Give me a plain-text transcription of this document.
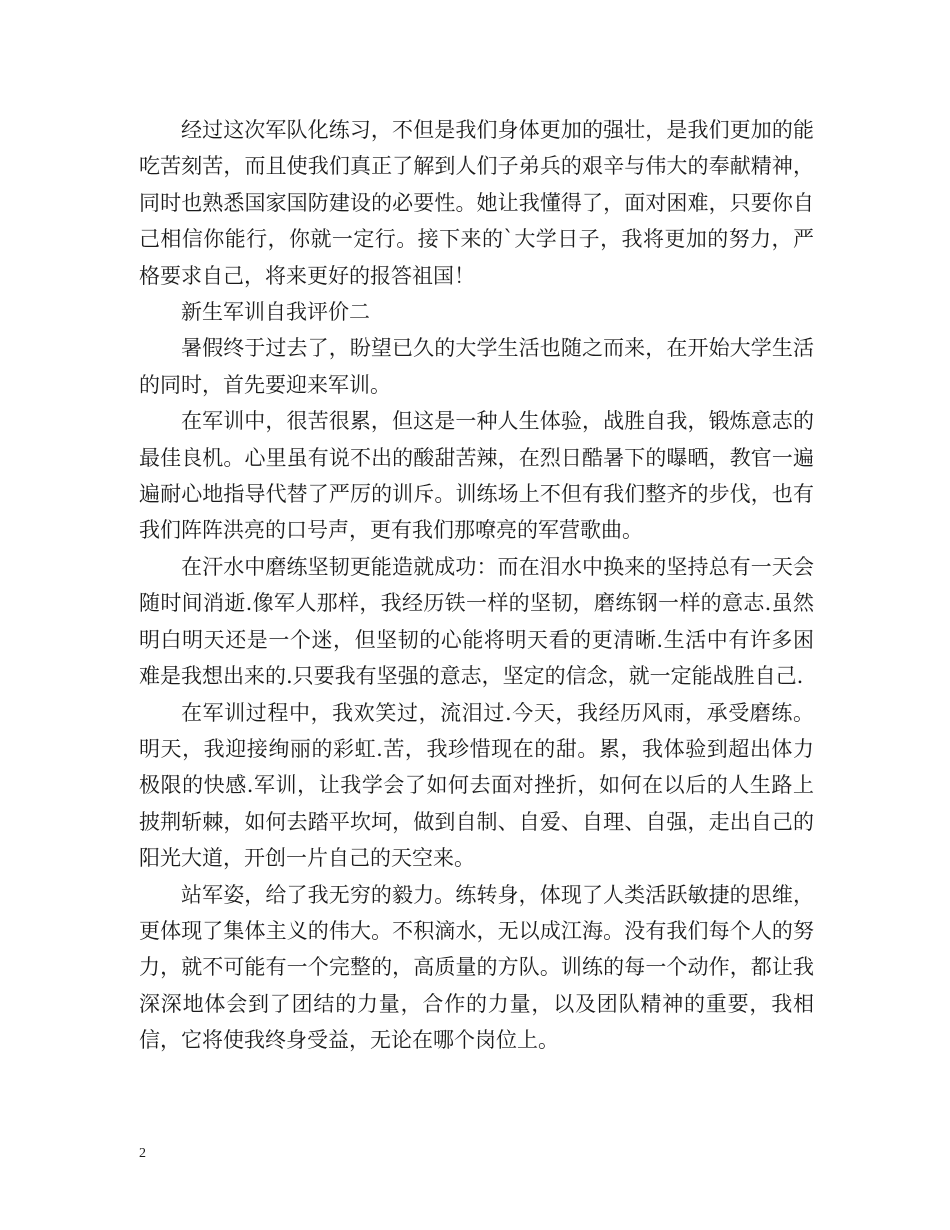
经过这次军队化练习，不但是我们身体更加的强壮，是我们更加的能吃苦刻苦，而且使我们真正了解到人们子弟兵的艰辛与伟大的奉献精神，同时也熟悉国家国防建设的必要性。她让我懂得了，面对困难，只要你自己相信你能行，你就一定行。接下来的`大学日子，我将更加的努力，严格要求自己，将来更好的报答祖国！

新生军训自我评价二

暑假终于过去了，盼望已久的大学生活也随之而来，在开始大学生活的同时，首先要迎来军训。

在军训中，很苦很累，但这是一种人生体验，战胜自我，锻炼意志的最佳良机。心里虽有说不出的酸甜苦辣，在烈日酷暑下的曝晒，教官一遍遍耐心地指导代替了严厉的训斥。训练场上不但有我们整齐的步伐，也有我们阵阵洪亮的口号声，更有我们那嘹亮的军营歌曲。

在汗水中磨练坚韧更能造就成功：而在泪水中换来的坚持总有一天会随时间消逝.像军人那样，我经历铁一样的坚韧，磨练钢一样的意志.虽然明白明天还是一个迷，但坚韧的心能将明天看的更清晰.生活中有许多困难是我想出来的.只要我有坚强的意志，坚定的信念，就一定能战胜自己.

在军训过程中，我欢笑过，流泪过.今天，我经历风雨，承受磨练。明天，我迎接绚丽的彩虹.苦，我珍惜现在的甜。累，我体验到超出体力极限的快感.军训，让我学会了如何去面对挫折，如何在以后的人生路上披荆斩棘，如何去踏平坎坷，做到自制、自爱、自理、自强，走出自己的阳光大道，开创一片自己的天空来。

站军姿，给了我无穷的毅力。练转身，体现了人类活跃敏捷的思维，更体现了集体主义的伟大。不积滴水，无以成江海。没有我们每个人的努力，就不可能有一个完整的，高质量的方队。训练的每一个动作，都让我深深地体会到了团结的力量，合作的力量，以及团队精神的重要，我相信，它将使我终身受益，无论在哪个岗位上。

2
